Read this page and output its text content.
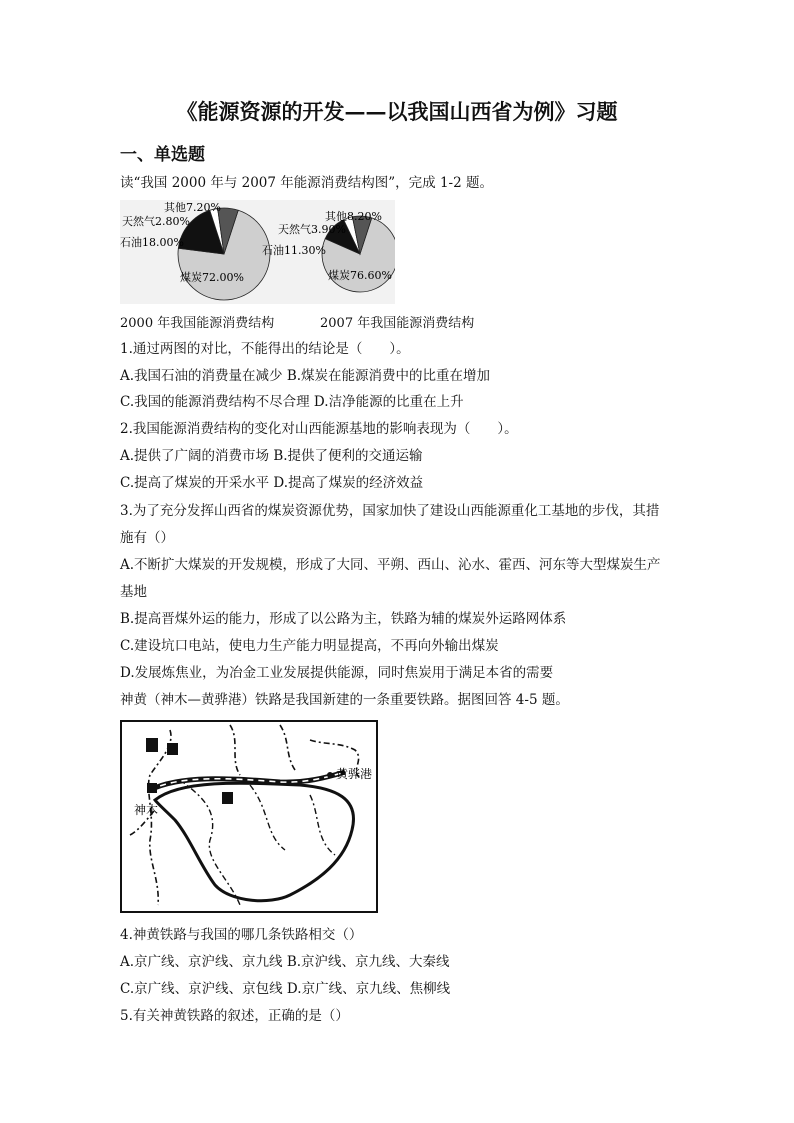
《能源资源的开发——以我国山西省为例》习题
一、单选题
读“我国 2000 年与 2007 年能源消费结构图”，完成 1-2 题。
其他7.20%
天然气2.80%
石油18.00%
煤炭72.00%
其他8.20%
天然气3.90%
石油11.30%
煤炭76.60%
2000 年我国能源消费结构	2007 年我国能源消费结构
1.通过两图的对比，不能得出的结论是（　　）。
A.我国石油的消费量在减少 B.煤炭在能源消费中的比重在增加
C.我国的能源消费结构不尽合理 D.洁净能源的比重在上升
2.我国能源消费结构的变化对山西能源基地的影响表现为（　　）。
A.提供了广阔的消费市场 B.提供了便利的交通运输
C.提高了煤炭的开采水平 D.提高了煤炭的经济效益
3.为了充分发挥山西省的煤炭资源优势，国家加快了建设山西能源重化工基地的步伐，其措
施有（）
A.不断扩大煤炭的开发规模，形成了大同、平朔、西山、沁水、霍西、河东等大型煤炭生产
基地
B.提高晋煤外运的能力，形成了以公路为主，铁路为辅的煤炭外运路网体系
C.建设坑口电站，使电力生产能力明显提高，不再向外输出煤炭
D.发展炼焦业，为冶金工业发展提供能源，同时焦炭用于满足本省的需要
神黄（神木—黄骅港）铁路是我国新建的一条重要铁路。据图回答 4-5 题。
神木
黄骅港
4.神黄铁路与我国的哪几条铁路相交（）
A.京广线、京沪线、京九线 B.京沪线、京九线、大秦线
C.京广线、京沪线、京包线 D.京广线、京九线、焦柳线
5.有关神黄铁路的叙述，正确的是（）
